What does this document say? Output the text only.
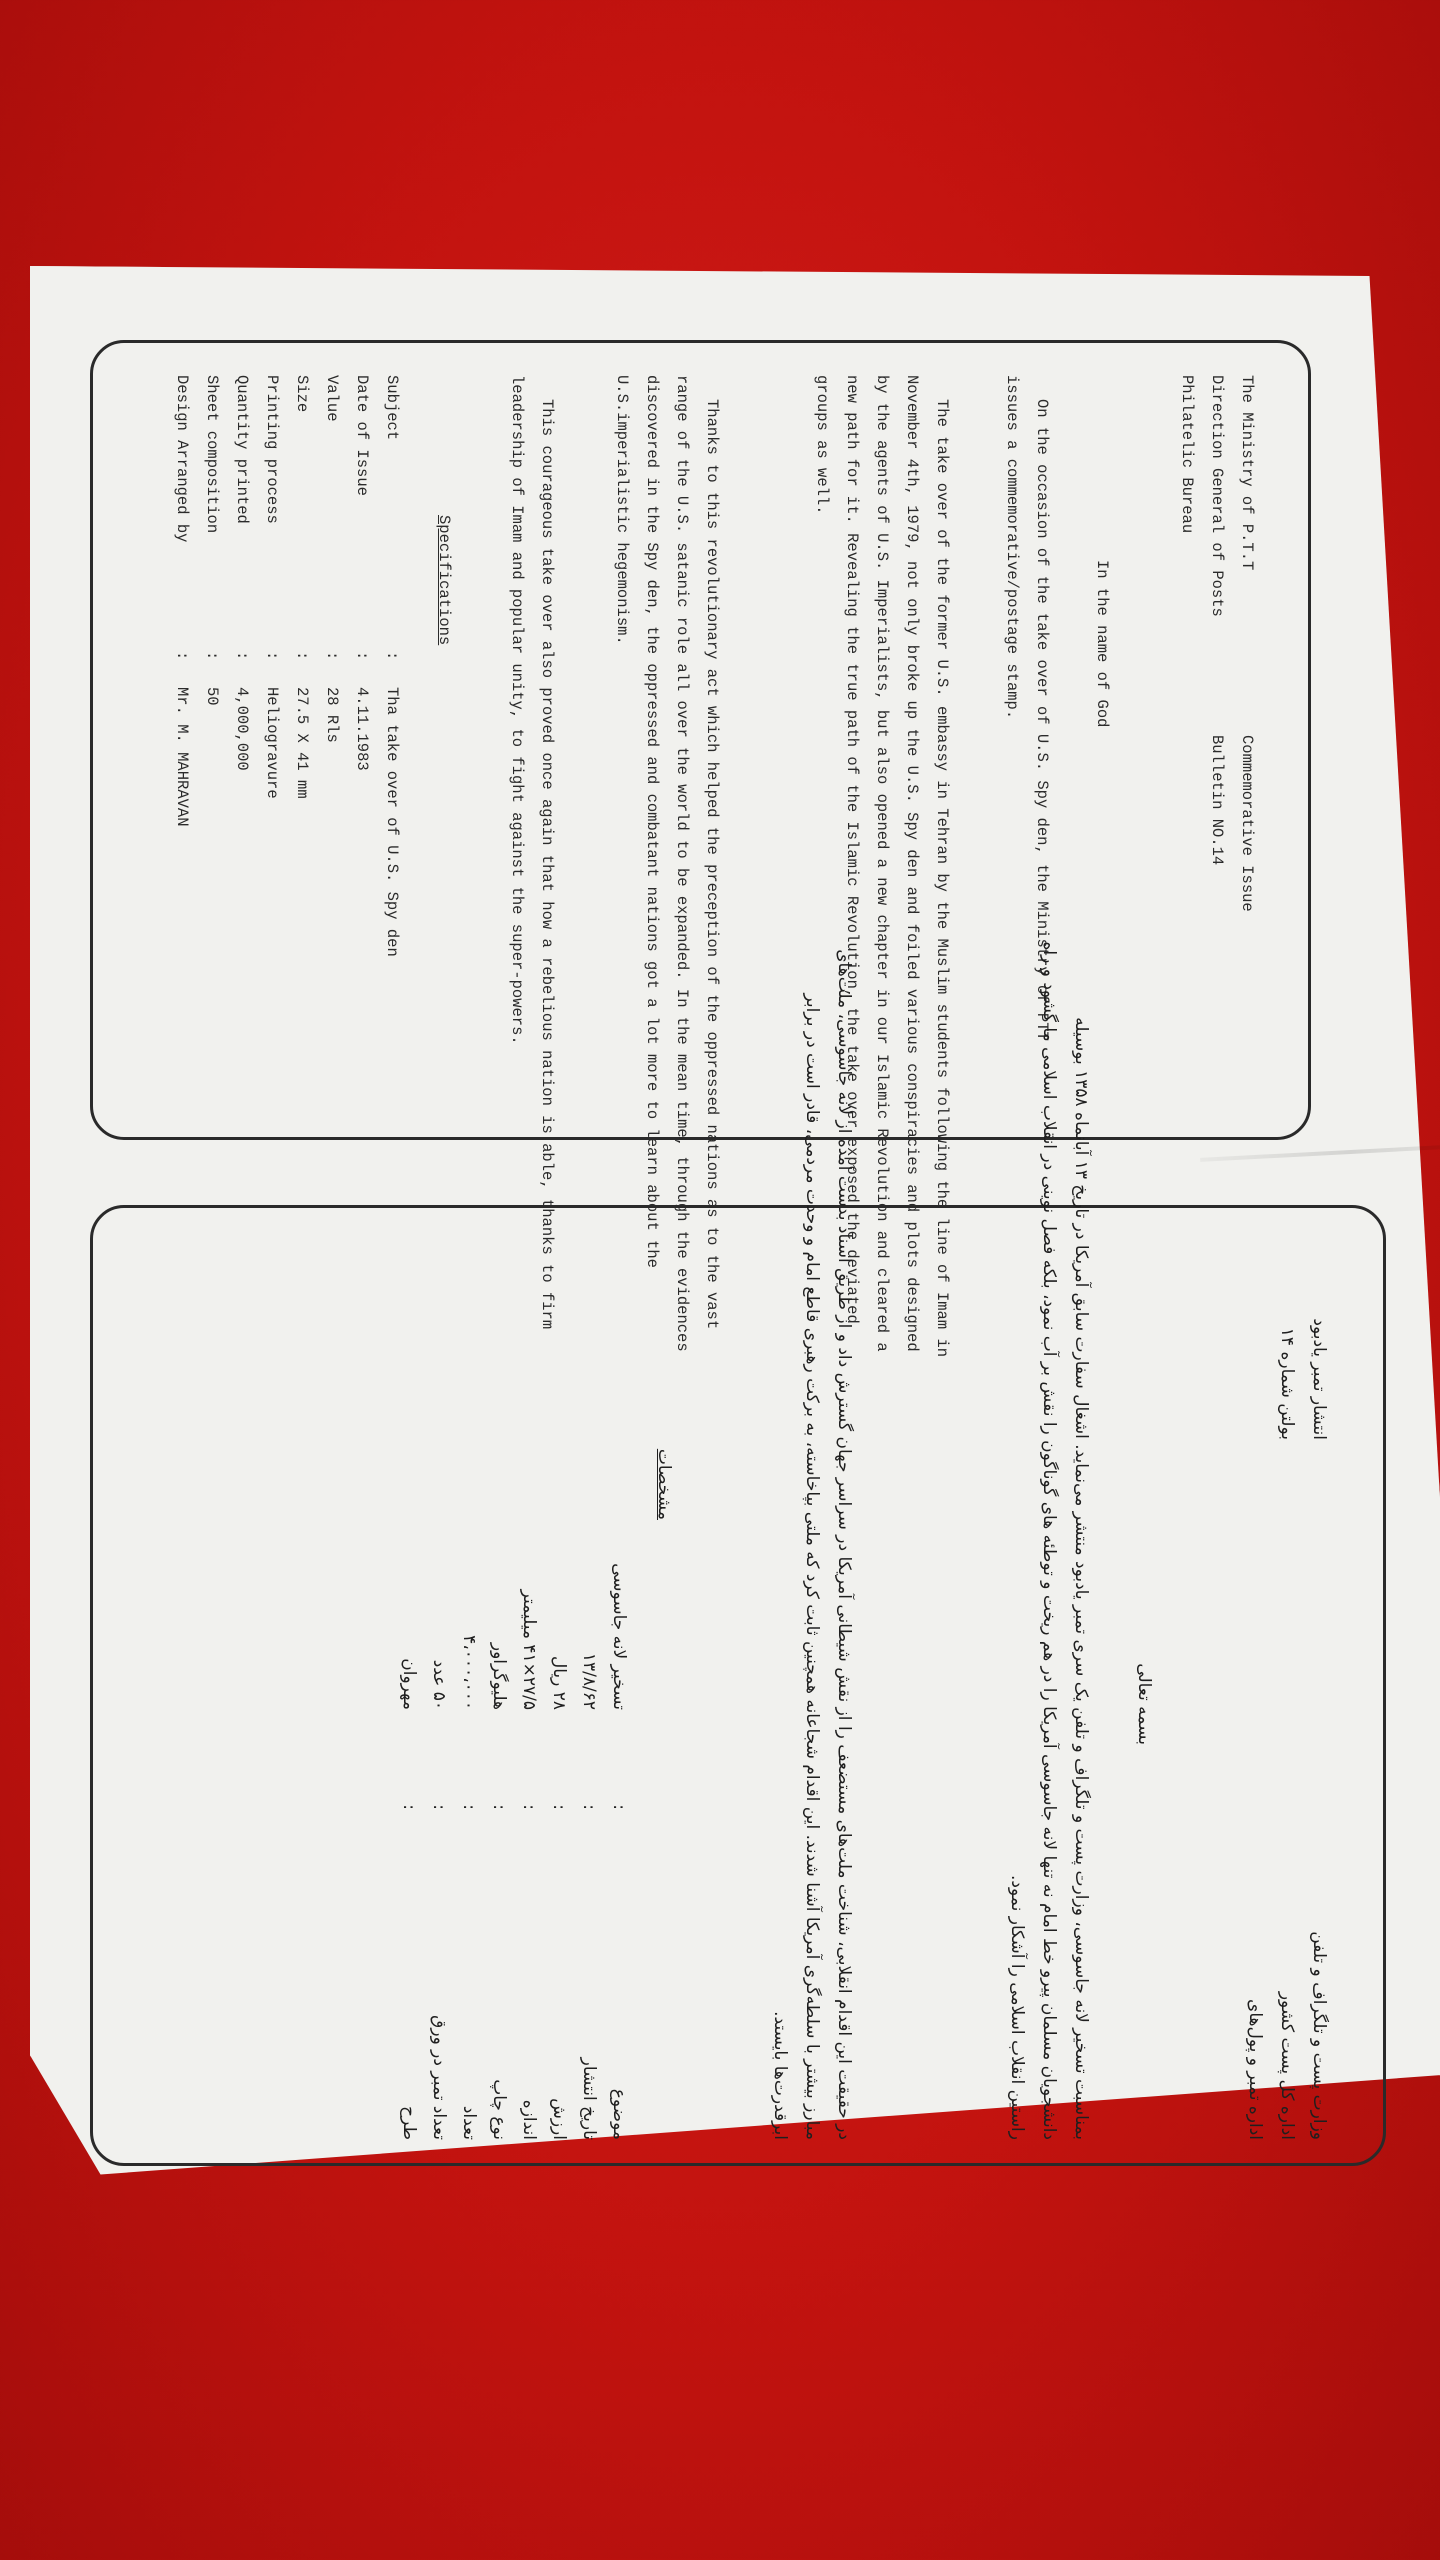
The Ministry of P.T.T
Direction General of Posts
Philatelic Bureau
Commemorative Issue
Bulletin NO.14
In the name of God
On the occasion of the take over of U.S. Spy den, the Ministry of PTT issues a commemorative/postage stamp.
The take over of the former U.S. embassy in Tehran by the Muslim students following the line of Imam in November 4th, 1979, not only broke up the U.S. Spy den and foiled various conspiracies and plots designed by the agents of U.S. Imperialists, but also opened a new chapter in our Islamic Revolution and cleared a new path for it. Revealing the true path of the Islamic Revolution, the take over exposed the deviated groups as well.
Thanks to this revolutionary act which helped the preception of the oppressed nations as to the vast range of the U.S. satanic role all over the world to be expanded. In the mean time, through the evidences discovered in the Spy den, the oppressed and combatant nations got a lot more to learn about the U.S.imperialistic hegemonism.
This courageous take over also proved once again that how a rebelious nation is able, thanks to firm leadership of Imam and popular unity, to fight against the super-powers.
Specifications
Subject
:
Tha take over of U.S. Spy den
Date of Issue
:
4.11.1983
Value
:
28 Rls
Size
:
27.5 X 41 mm
Printing process
:
Heliogravure
Quantity printed
:
4,000,000
Sheet composition
:
50
Design Arranged by
:
Mr. M. MAHRAVAN
وزارت پست و تلگراف و تلفن
اداره کل پست کشور
اداره تمبر و پول‌های
انتشار تمبر یادبود
بولتن شماره ۱۴
بسمه تعالی
بمناسبت تسخیر لانه جاسوسی، وزارت پست و تلگراف و تلفن یک سری تمبر یادبود منتشر می‌نماید. اشغال سفارت سابق آمریکا در تاریخ ۱۳ آبانماه ۱۳۵۸ بوسیله دانشجویان مسلمان پیرو خط امام نه تنها لانه جاسوسی آمریکا را در هم ریخت و توطئه های گوناگون را نقش بر آب نمود، بلکه فصل نوینی در انقلاب اسلامی ما گشود و راه راستین انقلاب اسلامی را آشکار نمود.
در حقیقت این اقدام انقلابی، شناخت ملت‌های مستضعف را از نقش شیطانی آمریکا در سراسر جهان گسترش داد و از طریق اسناد بدست آمده از لانه جاسوسی، ملت‌های مبارز بیشتر با سلطه‌گری آمریکا آشنا شدند. این اقدام شجاعانه همچنین ثابت کرد که ملتی بپاخاسته، به برکت رهبری قاطع امام و وحدت مردمی، قادر است در برابر ابرقدرت‌ها بایستد.
مشخصات
موضوع
:
تسخیر لانه جاسوسی
تاریخ انتشار
:
۱۳/۸/۶۲
ارزش
:
۲۸ ریال
اندازه
:
۲۷/۵×۴۱ میلیمتر
نوع چاپ
:
هلیوگراور
تعداد
:
۴،۰۰۰،۰۰۰
تعداد تمبر در ورق
:
۵۰ عدد
طرح
:
مهروان
